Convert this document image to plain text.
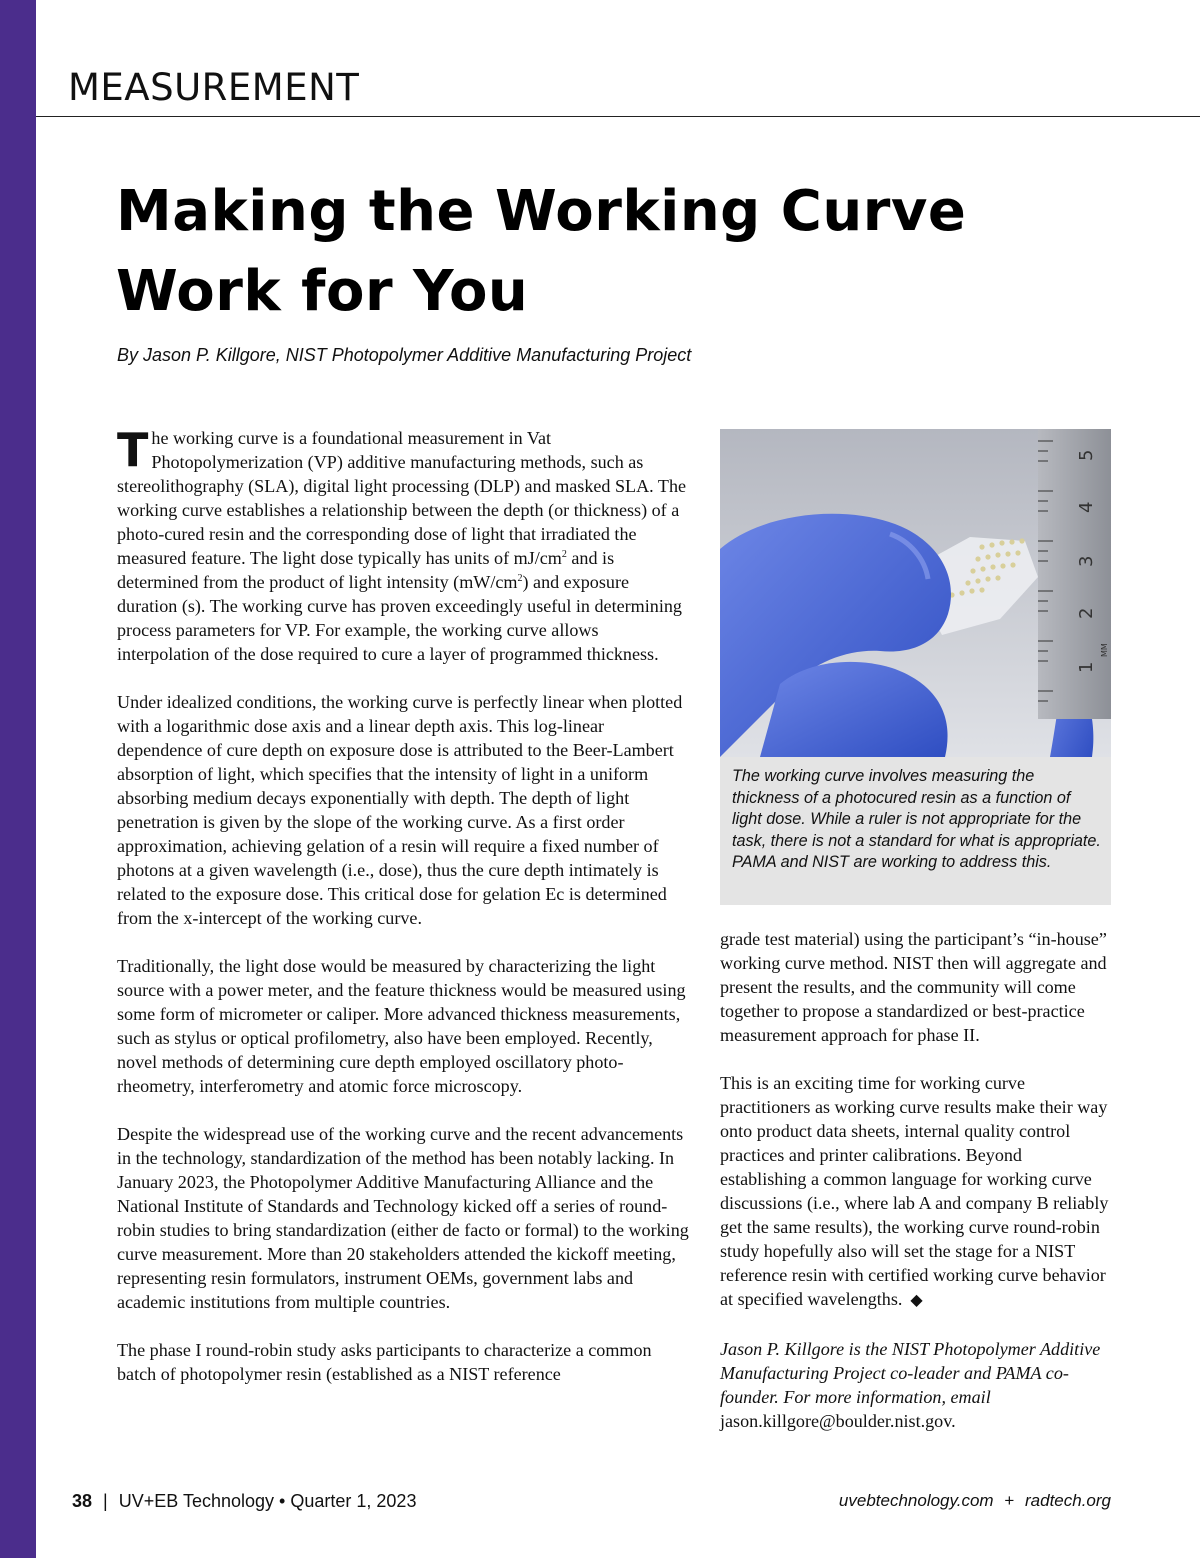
MEASUREMENT
Making the Working Curve
Work for You

By Jason P. Killgore, NIST Photopolymer Additive Manufacturing Project

The working curve is a foundational measurement in Vat Photopolymerization (VP) additive manufacturing methods, such as stereolithography (SLA), digital light processing (DLP) and masked SLA. The working curve establishes a relationship between the depth (or thickness) of a photo-cured resin and the corresponding dose of light that irradiated the measured feature. The light dose typically has units of $mJ/cm^2$ and is determined from the product of light intensity $(mW/cm^2)$ and exposure duration (s). The working curve has proven exceedingly useful in determining process parameters for VP. For example, the working curve allows interpolation of the dose required to cure a layer of programmed thickness.

Under idealized conditions, the working curve is perfectly linear when plotted with a logarithmic dose axis and a linear depth axis. This log-linear dependence of cure depth on exposure dose is attributed to the Beer-Lambert absorption of light, which specifies that the intensity of light in a uniform absorbing medium decays exponentially with depth. The depth of light penetration is given by the slope of the working curve. As a first order approximation, achieving gelation of a resin will require a fixed number of photons at a given wavelength (i.e., dose), thus the cure depth intimately is related to the exposure dose. This critical dose for gelation Ec is determined from the x-intercept of the working curve.

Traditionally, the light dose would be measured by characterizing the light source with a power meter, and the feature thickness would be measured using some form of micrometer or caliper. More advanced thickness measurements, such as stylus or optical profilometry, also have been employed. Recently, novel methods of determining cure depth employed oscillatory photo-rheometry, interferometry and atomic force microscopy.

Despite the widespread use of the working curve and the recent advancements in the technology, standardization of the method has been notably lacking. In January 2023, the Photopolymer Additive Manufacturing Alliance and the National Institute of Standards and Technology kicked off a series of round-robin studies to bring standardization (either de facto or formal) to the working curve measurement. More than 20 stakeholders attended the kickoff meeting, representing resin formulators, instrument OEMs, government labs and academic institutions from multiple countries.

The phase I round-robin study asks participants to characterize a common batch of photopolymer resin (established as a NIST reference

5
4
3
2
1
MM

The working curve involves measuring the thickness of a photocured resin as a function of light dose. While a ruler is not appropriate for the task, there is not a standard for what is appropriate. PAMA and NIST are working to address this.

grade test material) using the participant’s “in-house” working curve method. NIST then will aggregate and present the results, and the community will come together to propose a standardized or best-practice measurement approach for phase II.

This is an exciting time for working curve practitioners as working curve results make their way onto product data sheets, internal quality control practices and printer calibrations. Beyond establishing a common language for working curve discussions (i.e., where lab A and company B reliably get the same results), the working curve round-robin study hopefully also will set the stage for a NIST reference resin with certified working curve behavior at specified wavelengths. ◆

Jason P. Killgore is the NIST Photopolymer Additive Manufacturing Project co-leader and PAMA co-founder. For more information, email
jason.killgore@boulder.nist.gov.

38 | UV+EB Technology • Quarter 1, 2023	uvebtechnology.com + radtech.org
